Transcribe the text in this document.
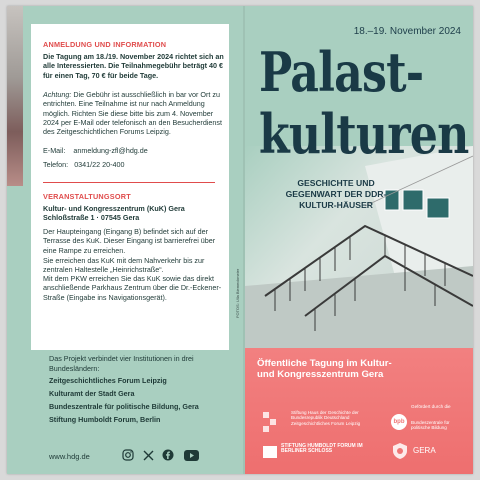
ANMELDUNG UND INFORMATION
Die Tagung am 18./19. November 2024 richtet sich an alle Interessierten. Die Teilnahmegebühr beträgt 40 € für einen Tag, 70 € für beide Tage.
Achtung: Die Gebühr ist ausschließlich in bar vor Ort zu entrichten. Eine Teilnahme ist nur nach Anmeldung möglich. Richten Sie diese bitte bis zum 4. November 2024 per E-Mail oder telefonisch an den Besucherdienst des Zeitgeschichtlichen Forums Leipzig.
E-Mail: anmeldung-zfl@hdg.de
Telefon: 0341/22 20-400
VERANSTALTUNGSORT
Kultur- und Kongresszentrum (KuK) Gera
Schloßstraße 1 · 07545 Gera
Der Haupteingang (Eingang B) befindet sich auf der Terrasse des KuK. Dieser Eingang ist barrierefrei über eine Rampe zu erreichen.
Sie erreichen das KuK mit dem Nahverkehr bis zur zentralen Haltestelle „Heinrichstraße“.
Mit dem PKW erreichen Sie das KuK sowie das direkt anschließende Parkhaus Zentrum über die Dr.-Eckener-Straße (Eingabe ins Navigationsgerät).	FOTOS: Ulla Biemeckmeier
Das Projekt verbindet vier Institutionen in drei Bundesländern:
Zeitgeschichtliches Forum Leipzig
Kulturamt der Stadt Gera
Bundeszentrale für politische Bildung, Gera
Stiftung Humboldt Forum, Berlin
www.hdg.de
18.–19. November 2024
Palast-
kulturen
GESCHICHTE UND GEGENWART DER DDR-KULTUR-HÄUSER
Öffentliche Tagung im Kultur- und Kongresszentrum Gera
Stiftung Haus der Geschichte der Bundesrepublik Deutschland Zeitgeschichtliches Forum Leipzig	bpb
Gefördert durch die
Bundeszentrale für politische Bildung
STIFTUNG HUMBOLDT FORUM IM BERLINER SCHLOSS	GERA
